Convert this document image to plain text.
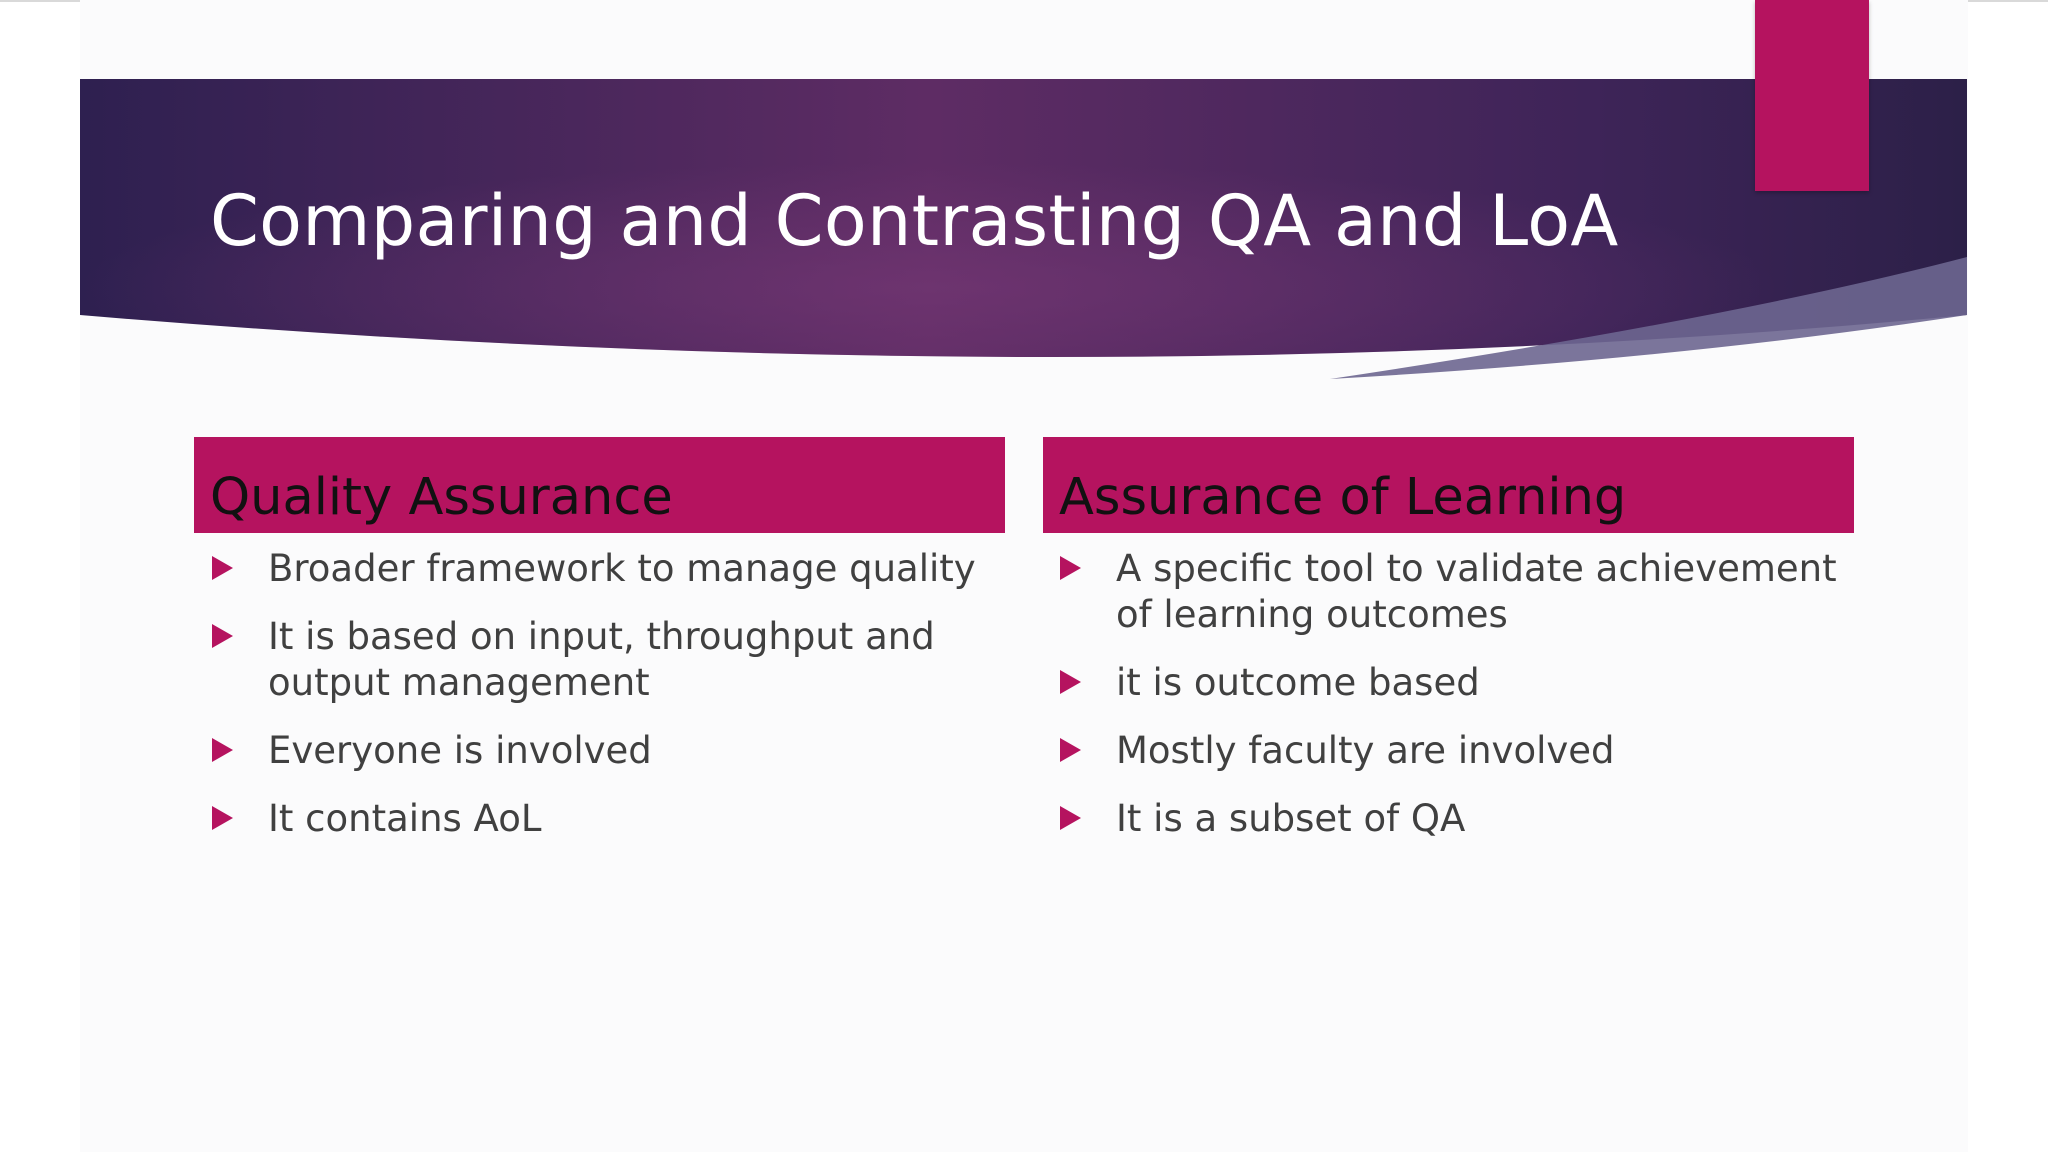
Comparing and Contrasting QA and LoA
Quality Assurance	Assurance of Learning
Broader framework to manage quality
It is based on input, throughput and output management
Everyone is involved
It contains AoL
A specific tool to validate achievement of learning outcomes
it is outcome based
Mostly faculty are involved
It is a subset of QA
